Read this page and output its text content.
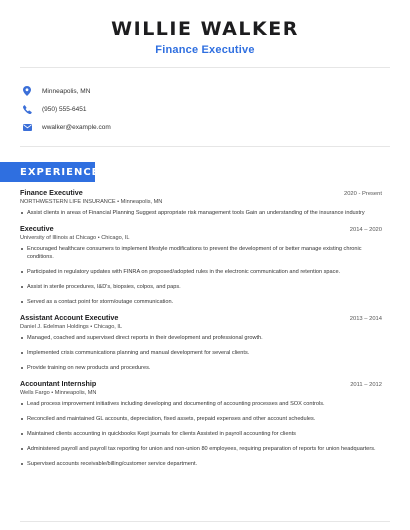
WILLIE WALKER
Finance Executive
Minneapolis, MN
(950) 555-6451
wwalker@example.com
EXPERIENCE
Finance Executive	2020 - Present
NORTHWESTERN LIFE INSURANCE • Minneapolis, MN
Assist clients in areas of Financial Planning Suggest appropriate risk management tools Gain an understanding of the insurance industry
Executive	2014 – 2020
University of Illinois at Chicago • Chicago, IL
Encouraged healthcare consumers to implement lifestyle modifications to prevent the development of or better manage existing chronic conditions.
Participated in regulatory updates with FINRA on proposed/adopted rules in the electronic communication and retention space.
Assist in sterile procedures, I&D's, biopsies, colpos, and paps.
Served as a contact point for storm/outage communication.
Assistant Account Executive	2013 – 2014
Daniel J. Edelman Holdings • Chicago, IL
Managed, coached and supervised direct reports in their development and professional growth.
Implemented crisis communications planning and manual development for several clients.
Provide training on new products and procedures.
Accountant Internship	2011 – 2012
Wells Fargo • Minneapolis, MN
Lead process improvement initiatives including developing and documenting of accounting processes and SOX controls.
Reconciled and maintained GL accounts, depreciation, fixed assets, prepaid expenses and other account schedules.
Maintained clients accounting in quickbooks Kept journals for clients Assisted in payroll accounting for clients
Administered payroll and payroll tax reporting for union and non-union 80 employees, requiring preparation of reports for union headquarters.
Supervised accounts receivable/billing/customer service department.
